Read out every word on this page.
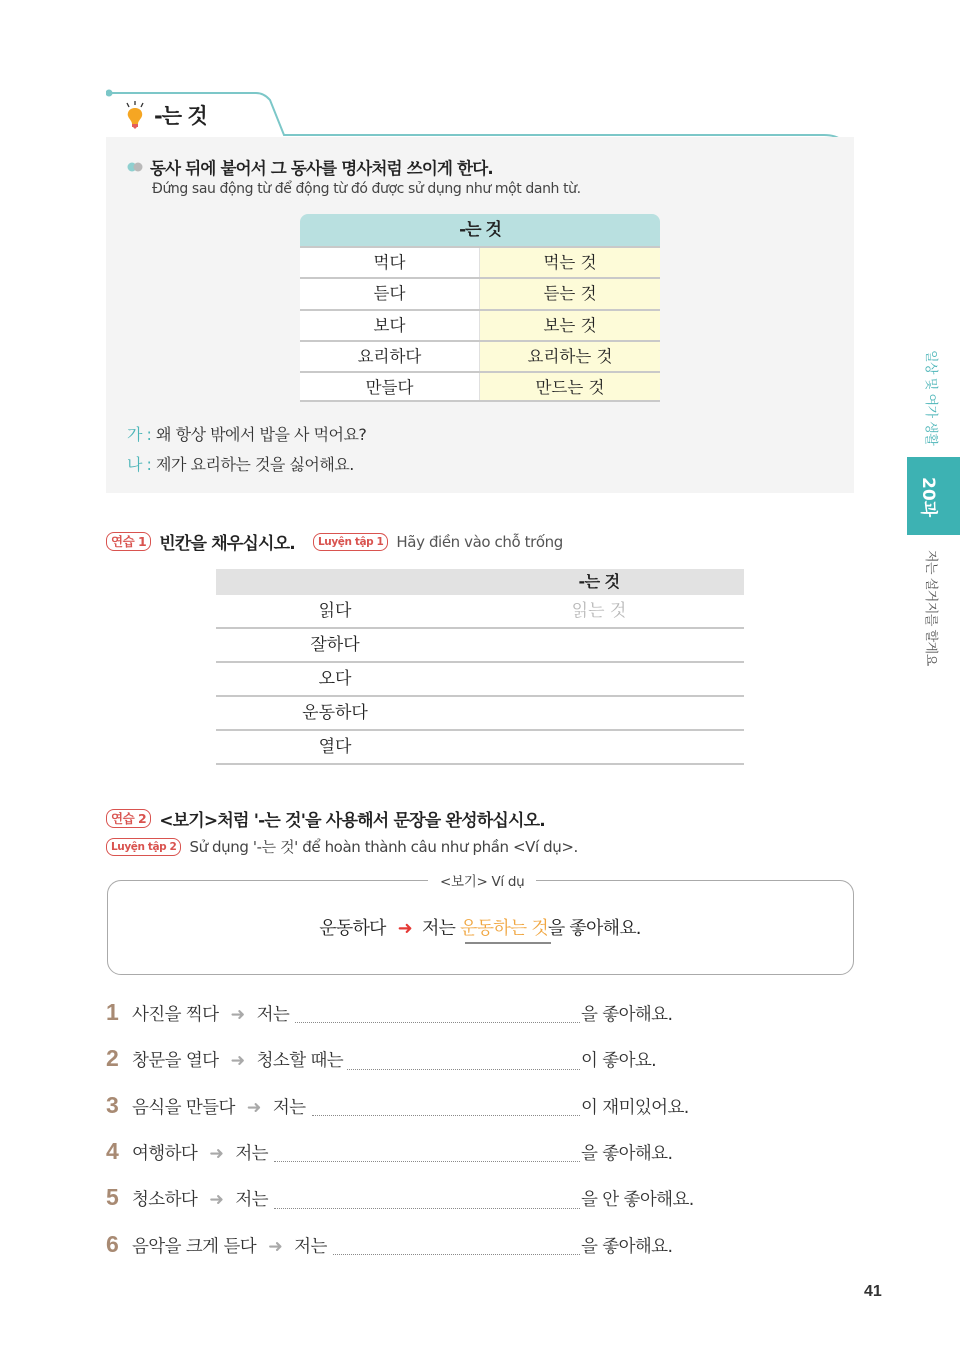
-는 것
동사 뒤에 붙어서 그 동사를 명사처럼 쓰이게 한다.
Đứng sau động từ để động từ đó được sử dụng như một danh từ.
-는 것
먹다	먹는 것
듣다	듣는 것
보다	보는 것
요리하다	요리하는 것
만들다	만드는 것
가 : 왜 항상 밖에서 밥을 사 먹어요?
나 : 제가 요리하는 것을 싫어해요.
연습 1 빈칸을 채우십시오.	Luyện tập 1 Hãy điền vào chỗ trống
-는 것
읽다	읽는 것
잘하다
오다
운동하다
열다
연습 2 <보기>처럼 '-는 것'을 사용해서 문장을 완성하십시오.
Luyện tập 2 Sử dụng '-는 것' để hoàn thành câu như phần <Ví dụ>.
<보기> Ví dụ
운동하다 ➜ 저는 운동하는 것을 좋아해요.
1 사진을 찍다 ➜ 저는	을 좋아해요.
2 창문을 열다 ➜ 청소할 때는	이 좋아요.
3 음식을 만들다 ➜ 저는	이 재미있어요.
4 여행하다 ➜ 저는	을 좋아해요.
5 청소하다 ➜ 저는	을 안 좋아해요.
6 음악을 크게 듣다 ➜ 저는	을 좋아해요.
일상 및 여가 생활
20과
저는 설거지를 할게요
41
